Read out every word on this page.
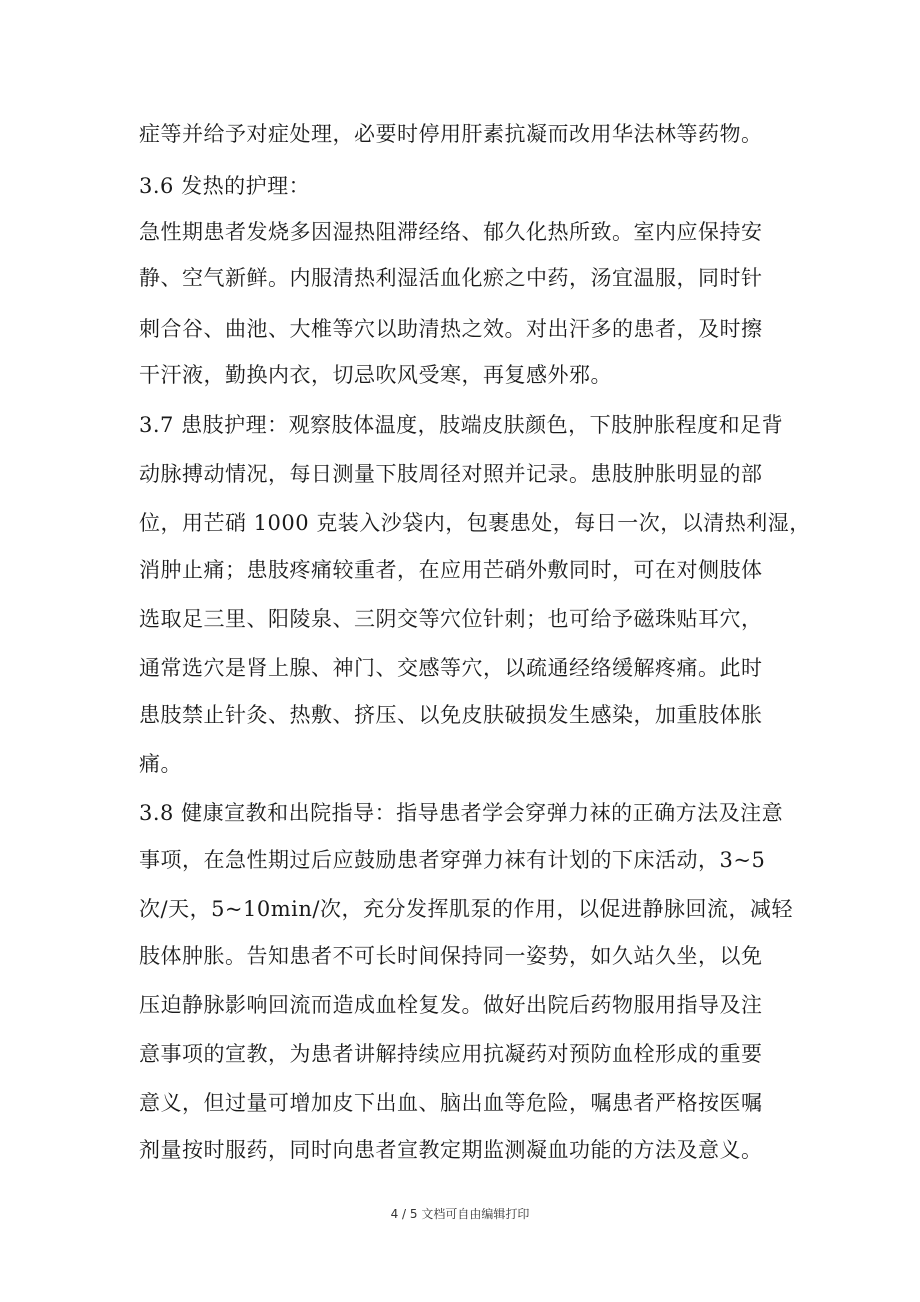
症等并给予对症处理，必要时停用肝素抗凝而改用华法林等药物。
3.6 发热的护理：
急性期患者发烧多因湿热阻滞经络、郁久化热所致。室内应保持安
静、空气新鲜。内服清热利湿活血化瘀之中药，汤宜温服，同时针
刺合谷、曲池、大椎等穴以助清热之效。对出汗多的患者，及时擦
干汗液，勤换内衣，切忌吹风受寒，再复感外邪。
3.7 患肢护理：观察肢体温度，肢端皮肤颜色，下肢肿胀程度和足背
动脉搏动情况，每日测量下肢周径对照并记录。患肢肿胀明显的部
位，用芒硝 1000 克装入沙袋内，包裹患处，每日一次，以清热利湿，
消肿止痛；患肢疼痛较重者，在应用芒硝外敷同时，可在对侧肢体
选取足三里、阳陵泉、三阴交等穴位针刺；也可给予磁珠贴耳穴，
通常选穴是肾上腺、神门、交感等穴，以疏通经络缓解疼痛。此时
患肢禁止针灸、热敷、挤压、以免皮肤破损发生感染，加重肢体胀
痛。
3.8 健康宣教和出院指导：指导患者学会穿弹力袜的正确方法及注意
事项，在急性期过后应鼓励患者穿弹力袜有计划的下床活动，3~5
次/天，5~10min/次，充分发挥肌泵的作用，以促进静脉回流，减轻
肢体肿胀。告知患者不可长时间保持同一姿势，如久站久坐，以免
压迫静脉影响回流而造成血栓复发。做好出院后药物服用指导及注
意事项的宣教，为患者讲解持续应用抗凝药对预防血栓形成的重要
意义，但过量可增加皮下出血、脑出血等危险，嘱患者严格按医嘱
剂量按时服药，同时向患者宣教定期监测凝血功能的方法及意义。
4 / 5 文档可自由编辑打印
